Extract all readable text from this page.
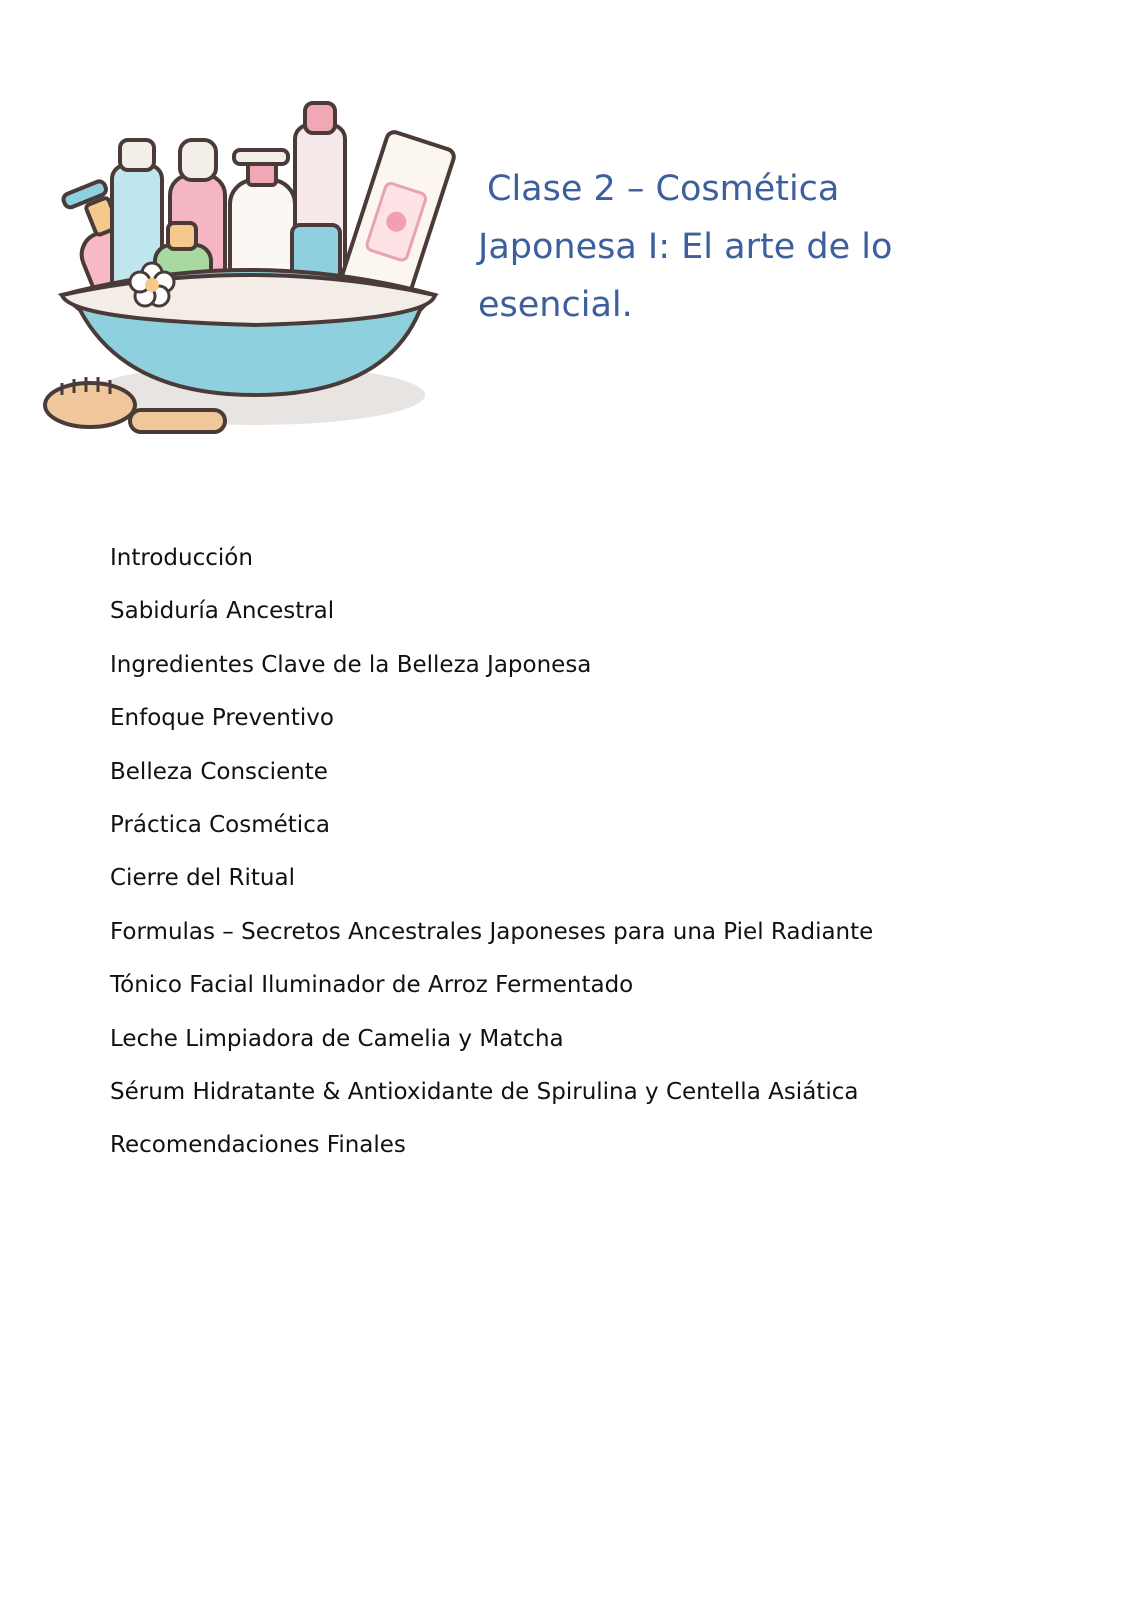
Clase 2 – Cosmética
Japonesa I: El arte de lo
esencial.
Introducción
Sabiduría Ancestral
Ingredientes Clave de la Belleza Japonesa
Enfoque Preventivo
Belleza Consciente
Práctica Cosmética
Cierre del Ritual
Formulas – Secretos Ancestrales Japoneses para una Piel Radiante
Tónico Facial Iluminador de Arroz Fermentado
Leche Limpiadora de Camelia y Matcha
Sérum Hidratante & Antioxidante de Spirulina y Centella Asiática
Recomendaciones Finales
